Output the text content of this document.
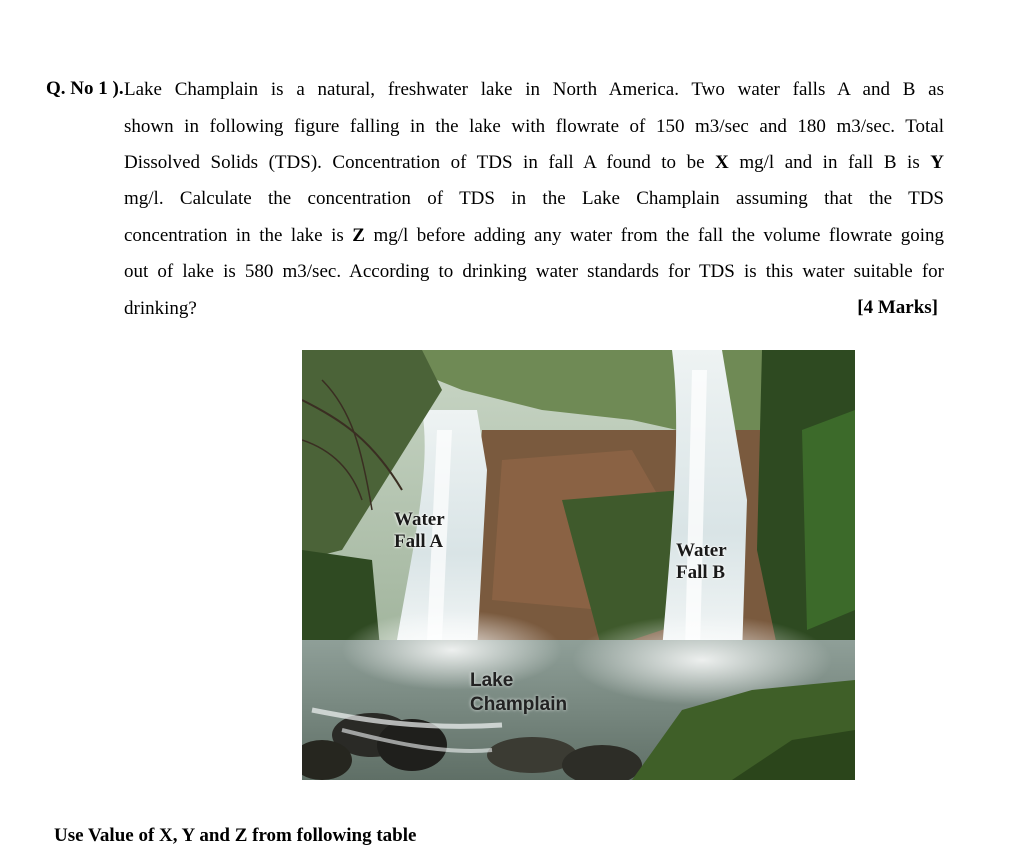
Q. No 1 ). Lake Champlain is a natural, freshwater lake in North America. Two water falls A and B as
shown in following figure falling in the lake with flowrate of 150 m3/sec and 180 m3/sec. Total
Dissolved Solids (TDS). Concentration of TDS in fall A found to be X mg/l and in fall B is Y
mg/l. Calculate the concentration of TDS in the Lake Champlain assuming that the TDS
concentration in the lake is Z mg/l before adding any water from the fall the volume flowrate going
out of lake is 580 m3/sec. According to drinking water standards for TDS is this water suitable for
drinking?	[4 Marks]
Water
Fall A	Water
Fall B
Lake
Champlain
Use Value of X, Y and Z from following table
